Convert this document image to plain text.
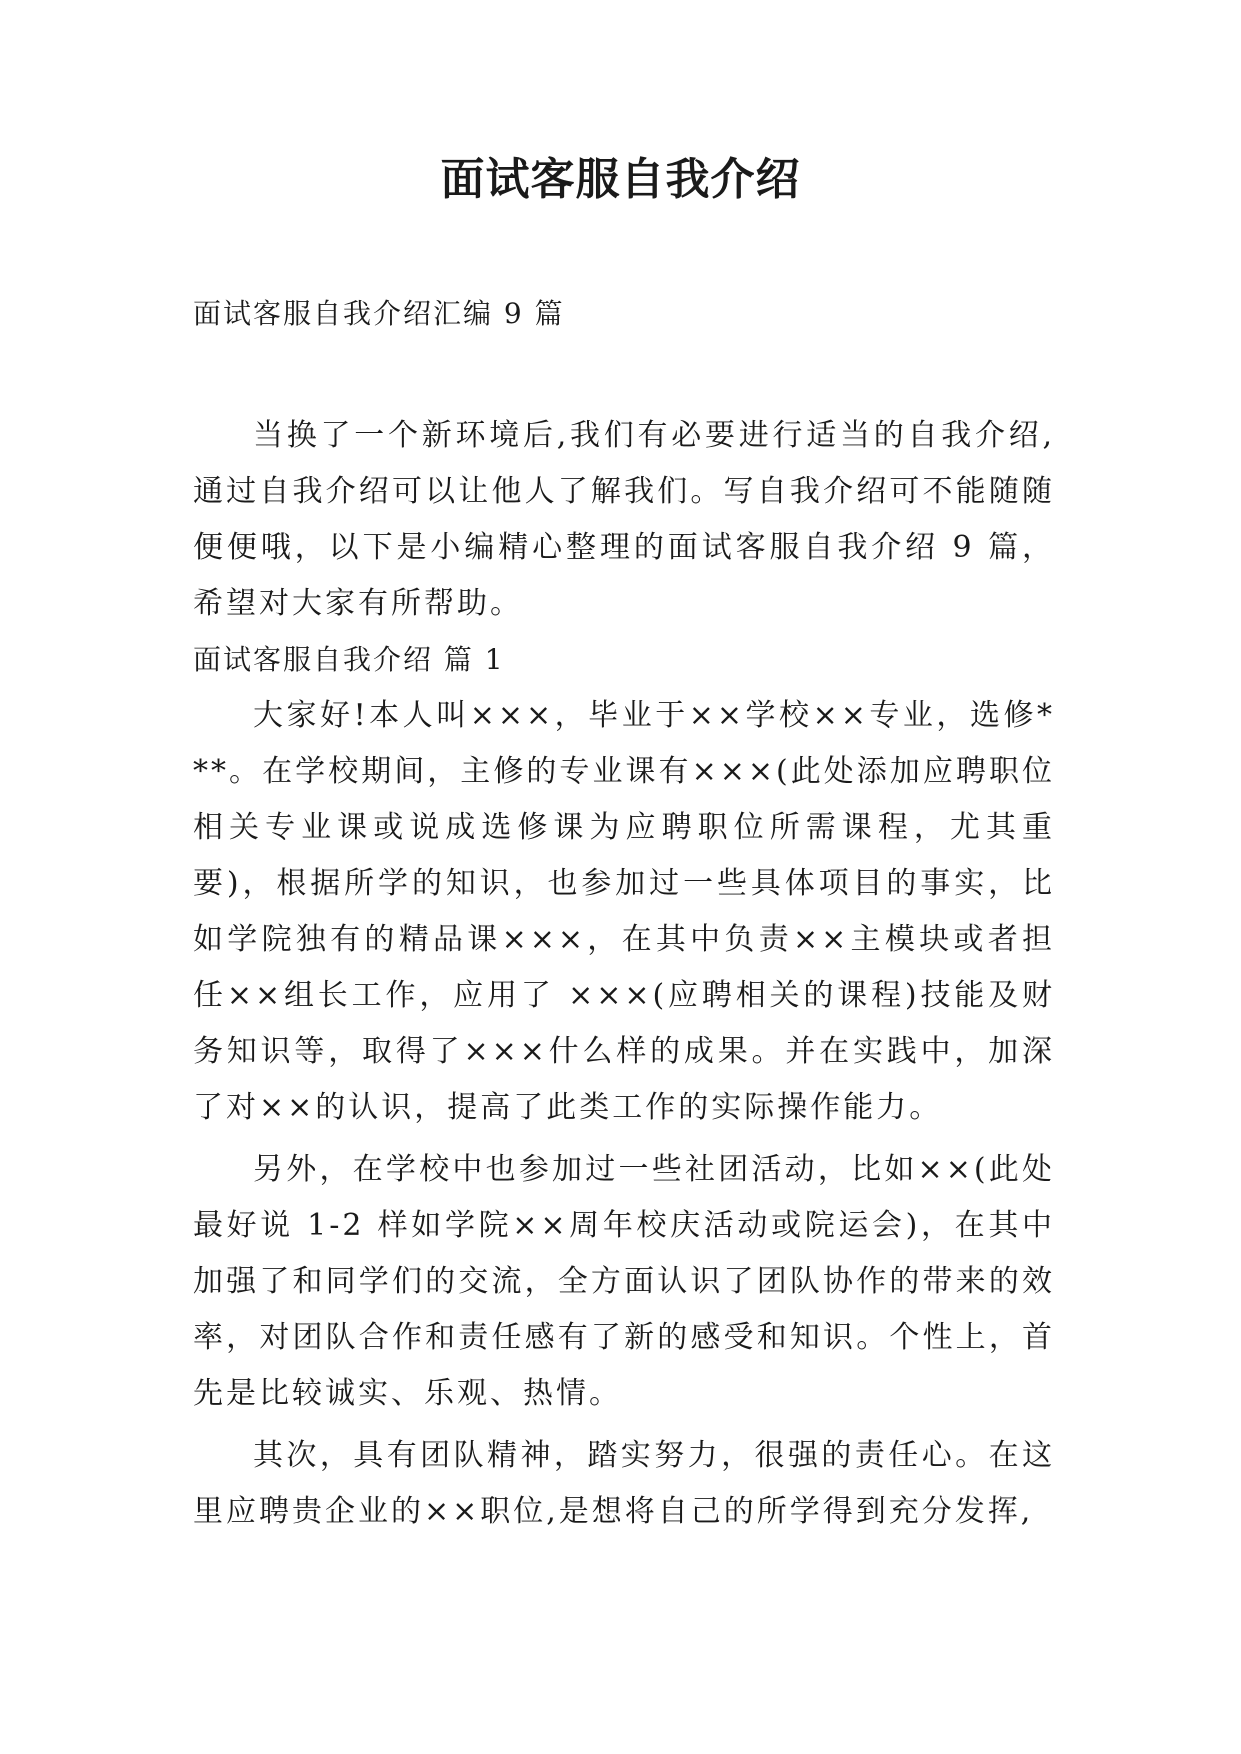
面试客服自我介绍
面试客服自我介绍汇编 9 篇

当换了一个新环境后,我们有必要进行适当的自我介绍,通过自我介绍可以让他人了解我们。写自我介绍可不能随随便便哦，以下是小编精心整理的面试客服自我介绍 9 篇，希望对大家有所帮助。

面试客服自我介绍 篇 1

大家好!本人叫×××，毕业于××学校××专业，选修***。在学校期间，主修的专业课有×××(此处添加应聘职位相关专业课或说成选修课为应聘职位所需课程，尤其重要)，根据所学的知识，也参加过一些具体项目的事实，比如学院独有的精品课×××，在其中负责××主模块或者担任××组长工作，应用了 ×××(应聘相关的课程)技能及财务知识等，取得了×××什么样的成果。并在实践中，加深了对××的认识，提高了此类工作的实际操作能力。

另外，在学校中也参加过一些社团活动，比如××(此处最好说 1-2 样如学院××周年校庆活动或院运会)，在其中加强了和同学们的交流，全方面认识了团队协作的带来的效率，对团队合作和责任感有了新的感受和知识。个性上，首先是比较诚实、乐观、热情。

其次，具有团队精神，踏实努力，很强的责任心。在这里应聘贵企业的××职位,是想将自己的所学得到充分发挥,
